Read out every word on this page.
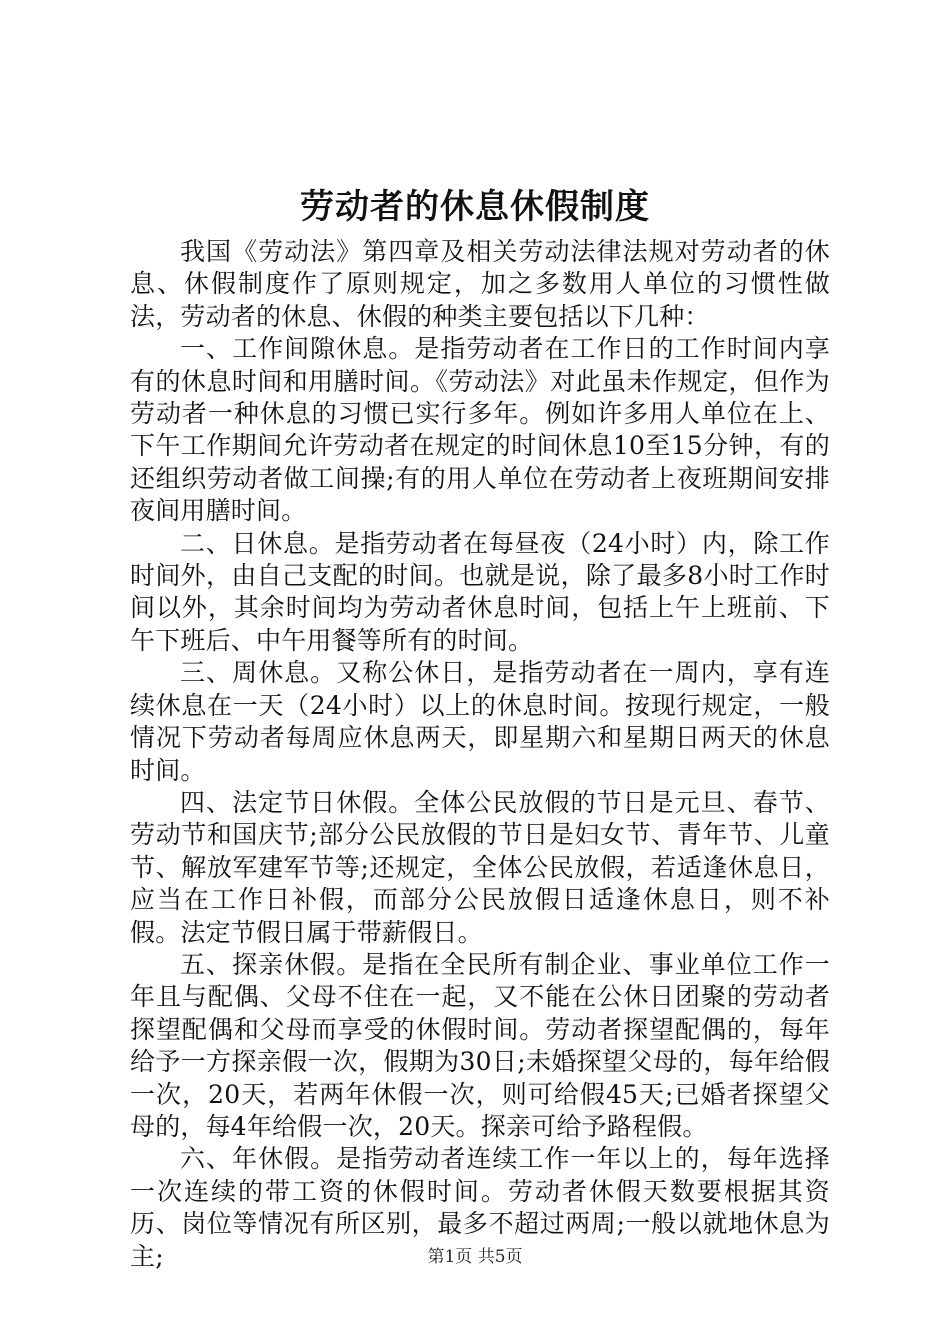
劳动者的休息休假制度

我国《劳动法》第四章及相关劳动法律法规对劳动者的休息、休假制度作了原则规定，加之多数用人单位的习惯性做法，劳动者的休息、休假的种类主要包括以下几种：

一、工作间隙休息。是指劳动者在工作日的工作时间内享有的休息时间和用膳时间。《劳动法》对此虽未作规定，但作为劳动者一种休息的习惯已实行多年。例如许多用人单位在上、下午工作期间允许劳动者在规定的时间休息10至15分钟，有的还组织劳动者做工间操;有的用人单位在劳动者上夜班期间安排夜间用膳时间。

二、日休息。是指劳动者在每昼夜（24小时）内，除工作时间外，由自己支配的时间。也就是说，除了最多8小时工作时间以外，其余时间均为劳动者休息时间，包括上午上班前、下午下班后、中午用餐等所有的时间。

三、周休息。又称公休日，是指劳动者在一周内，享有连续休息在一天（24小时）以上的休息时间。按现行规定，一般情况下劳动者每周应休息两天，即星期六和星期日两天的休息时间。

四、法定节日休假。全体公民放假的节日是元旦、春节、劳动节和国庆节;部分公民放假的节日是妇女节、青年节、儿童节、解放军建军节等;还规定，全体公民放假，若适逢休息日，应当在工作日补假，而部分公民放假日适逢休息日，则不补假。法定节假日属于带薪假日。

五、探亲休假。是指在全民所有制企业、事业单位工作一年且与配偶、父母不住在一起，又不能在公休日团聚的劳动者探望配偶和父母而享受的休假时间。劳动者探望配偶的，每年给予一方探亲假一次，假期为30日;未婚探望父母的，每年给假一次，20天，若两年休假一次，则可给假45天;已婚者探望父母的，每4年给假一次，20天。探亲可给予路程假。

六、年休假。是指劳动者连续工作一年以上的，每年选择一次连续的带工资的休假时间。劳动者休假天数要根据其资历、岗位等情况有所区别，最多不超过两周;一般以就地休息为主;	第1页 共5页
